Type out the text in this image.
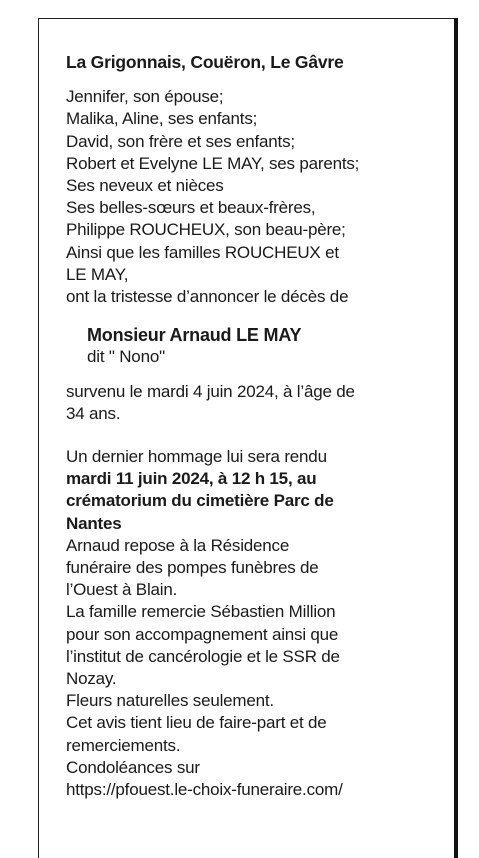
La Grigonnais, Couëron, Le Gâvre
Jennifer, son épouse;
Malika, Aline, ses enfants;
David, son frère et ses enfants;
Robert et Evelyne LE MAY, ses parents;
Ses neveux et nièces
Ses belles-sœurs et beaux-frères,
Philippe ROUCHEUX, son beau-père;
Ainsi que les familles ROUCHEUX et
LE MAY,
ont la tristesse d’annoncer le décès de
Monsieur Arnaud LE MAY
dit " Nono"
survenu le mardi 4 juin 2024, à l’âge de
34 ans.
Un dernier hommage lui sera rendu
mardi 11 juin 2024, à 12 h 15, au
crématorium du cimetière Parc de
Nantes
Arnaud repose à la Résidence
funéraire des pompes funèbres de
l’Ouest à Blain.
La famille remercie Sébastien Million
pour son accompagnement ainsi que
l’institut de cancérologie et le SSR de
Nozay.
Fleurs naturelles seulement.
Cet avis tient lieu de faire-part et de
remerciements.
Condoléances sur
https://pfouest.le-choix-funeraire.com/
